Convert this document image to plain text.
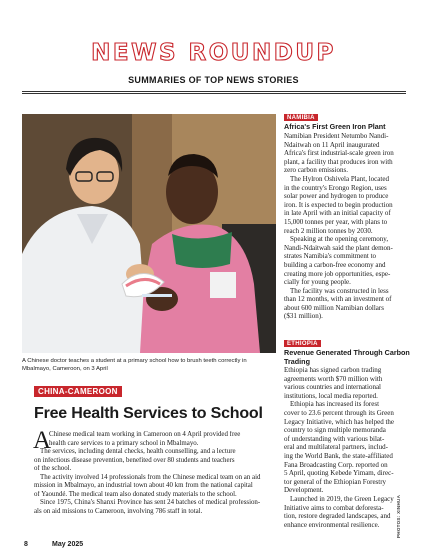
NEWS ROUNDUP
SUMMARIES OF TOP NEWS STORIES
A Chinese doctor teaches a student at a primary school how to brush teeth correctly in
Mbalmayo, Cameroon, on 3 April
CHINA-CAMEROON
Free Health Services to School
A
Chinese medical team working in Cameroon on 4 April provided free
health care services to a primary school in Mbalmayo.
The services, including dental checks, health counselling, and a lecture
on infectious disease prevention, benefited over 80 students and teachers
of the school.
The activity involved 14 professionals from the Chinese medical team on an aid
mission in Mbalmayo, an industrial town about 40 km from the national capital
of Yaoundé. The medical team also donated study materials to the school.
Since 1975, China's Shanxi Province has sent 24 batches of medical profession-
als on aid missions to Cameroon, involving 786 staff in total.
NAMIBIA
Africa's First Green Iron Plant
Namibian President Netumbo Nandi-
Ndaitwah on 11 April inaugurated
Africa's first industrial-scale green iron
plant, a facility that produces iron with
zero carbon emissions.
The Hylron Oshivela Plant, located
in the country's Erongo Region, uses
solar power and hydrogen to produce
iron. It is expected to begin production
in late April with an initial capacity of
15,000 tonnes per year, with plans to
reach 2 million tonnes by 2030.
Speaking at the opening ceremony,
Nandi-Ndaitwah said the plant demon-
strates Namibia's commitment to
building a carbon-free economy and
creating more job opportunities, espe-
cially for young people.
The facility was constructed in less
than 12 months, with an investment of
about 600 million Namibian dollars
($31 million).
ETHIOPIA
Revenue Generated Through Carbon Trading
Ethiopia has signed carbon trading
agreements worth $70 million with
various countries and international
institutions, local media reported.
Ethiopia has increased its forest
cover to 23.6 percent through its Green
Legacy Initiative, which has helped the
country to sign multiple memoranda
of understanding with various bilat-
eral and multilateral partners, includ-
ing the World Bank, the state-affiliated
Fana Broadcasting Corp. reported on
5 April, quoting Kebede Yimam, direc-
tor general of the Ethiopian Forestry
Development.
Launched in 2019, the Green Legacy
Initiative aims to combat deforesta-
tion, restore degraded landscapes, and
enhance environmental resilience.
8	May 2025
PHOTOS: XINHUA
